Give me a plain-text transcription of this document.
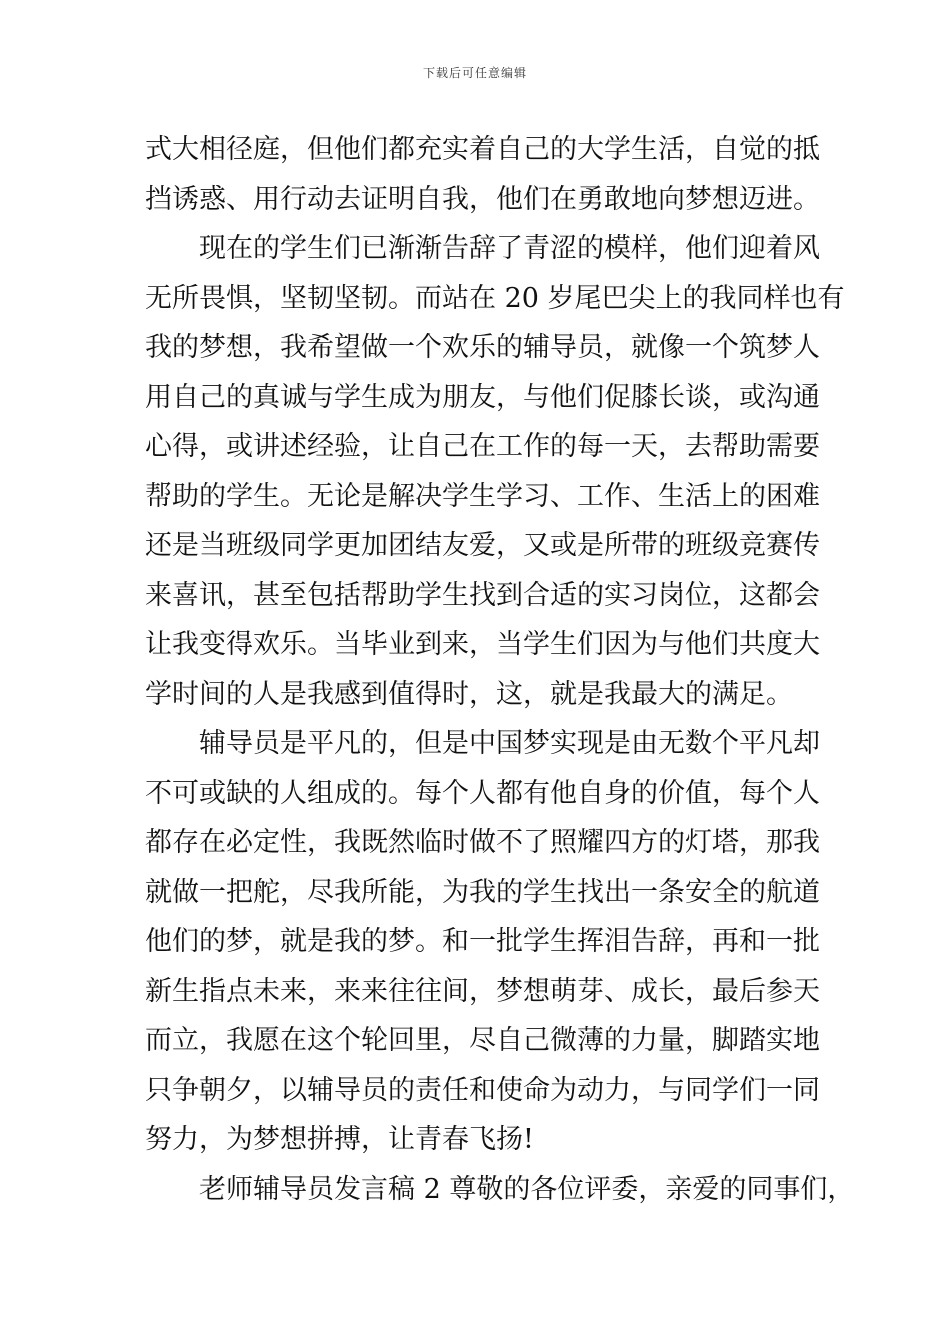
下载后可任意编辑
式大相径庭，但他们都充实着自己的大学生活，自觉的抵
挡诱惑、用行动去证明自我，他们在勇敢地向梦想迈进。
现在的学生们已渐渐告辞了青涩的模样，他们迎着风
无所畏惧，坚韧坚韧。而站在 20 岁尾巴尖上的我同样也有
我的梦想，我希望做一个欢乐的辅导员，就像一个筑梦人
用自己的真诚与学生成为朋友，与他们促膝长谈，或沟通
心得，或讲述经验，让自己在工作的每一天，去帮助需要
帮助的学生。无论是解决学生学习、工作、生活上的困难
还是当班级同学更加团结友爱，又或是所带的班级竞赛传
来喜讯，甚至包括帮助学生找到合适的实习岗位，这都会
让我变得欢乐。当毕业到来，当学生们因为与他们共度大
学时间的人是我感到值得时，这，就是我最大的满足。
辅导员是平凡的，但是中国梦实现是由无数个平凡却
不可或缺的人组成的。每个人都有他自身的价值，每个人
都存在必定性，我既然临时做不了照耀四方的灯塔，那我
就做一把舵，尽我所能，为我的学生找出一条安全的航道
他们的梦，就是我的梦。和一批学生挥泪告辞，再和一批
新生指点未来，来来往往间，梦想萌芽、成长，最后参天
而立，我愿在这个轮回里，尽自己微薄的力量，脚踏实地
只争朝夕，以辅导员的责任和使命为动力，与同学们一同
努力，为梦想拼搏，让青春飞扬!
老师辅导员发言稿 2 尊敬的各位评委，亲爱的同事们，
